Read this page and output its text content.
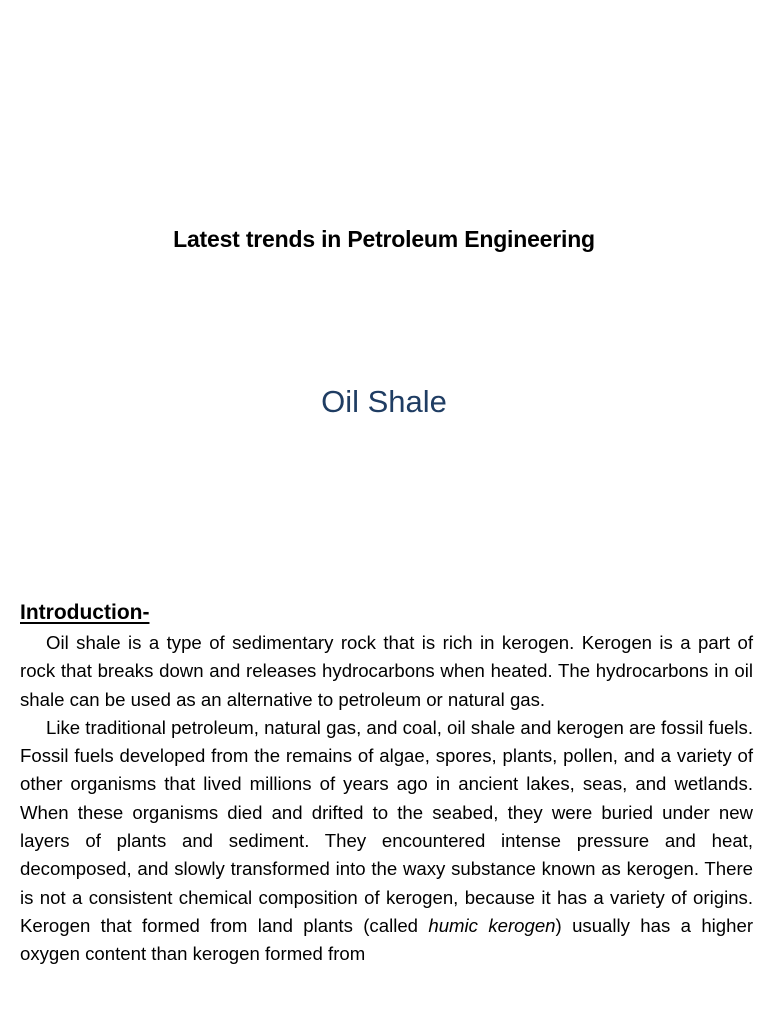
Latest trends in Petroleum Engineering
Oil Shale
Introduction-

Oil shale is a type of sedimentary rock that is rich in kerogen. Kerogen is a part of rock that breaks down and releases hydrocarbons when heated. The hydrocarbons in oil shale can be used as an alternative to petroleum or natural gas.

Like traditional petroleum, natural gas, and coal, oil shale and kerogen are fossil fuels. Fossil fuels developed from the remains of algae, spores, plants, pollen, and a variety of other organisms that lived millions of years ago in ancient lakes, seas, and wetlands. When these organisms died and drifted to the seabed, they were buried under new layers of plants and sediment. They encountered intense pressure and heat, decomposed, and slowly transformed into the waxy substance known as kerogen. There is not a consistent chemical composition of kerogen, because it has a variety of origins. Kerogen that formed from land plants (called humic kerogen) usually has a higher oxygen content than kerogen formed from
